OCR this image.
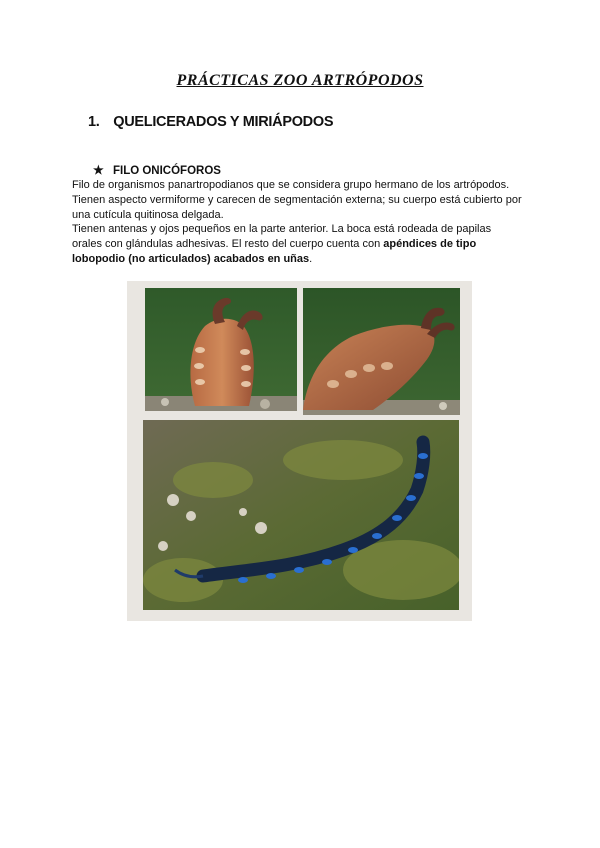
PRÁCTICAS ZOO ARTRÓPODOS
1. QUELICERADOS Y MIRIÁPODOS
★ FILO ONICÓFOROS
Filo de organismos panartropodianos que se considera grupo hermano de los artrópodos.
Tienen aspecto vermiforme y carecen de segmentación externa; su cuerpo está cubierto por
una cutícula quitinosa delgada.
Tienen antenas y ojos pequeños en la parte anterior. La boca está rodeada de papilas
orales con glándulas adhesivas. El resto del cuerpo cuenta con apéndices de tipo
lobopodio (no articulados) acabados en uñas.
